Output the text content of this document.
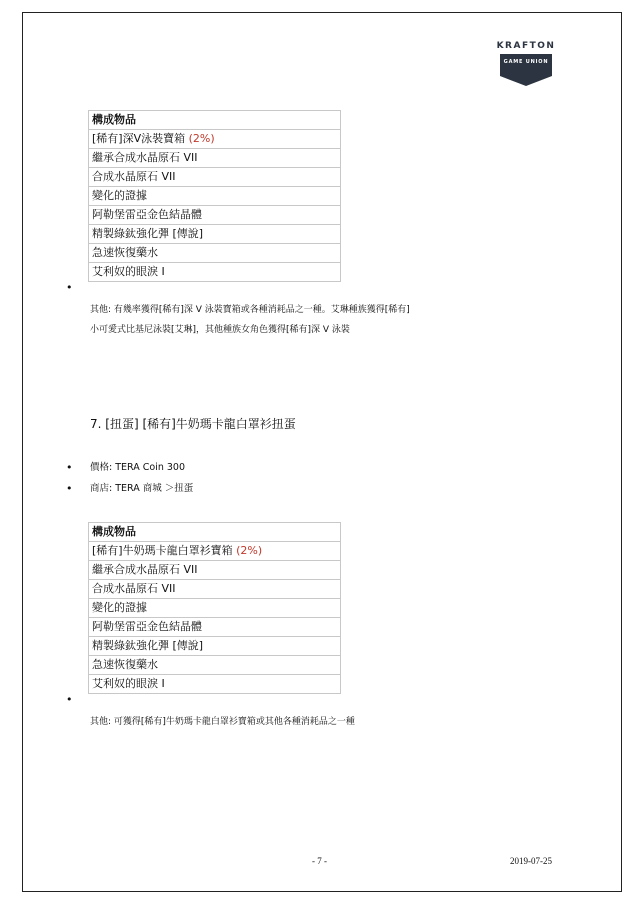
KRAFTON
GAME UNION
構成物品
[稀有]深V泳裝寶箱 (2%)
繼承合成水晶原石 VII
合成水晶原石 VII
變化的證據
阿勒堡雷亞金色結晶體
精製綠鈦強化彈 [傳說]
急速恢復藥水
艾利奴的眼淚 I
•
其他: 有幾率獲得[稀有]深 V 泳裝寶箱或各種消耗品之一種。艾琳種族獲得[稀有]
小可愛式比基尼泳裝[艾琳]，其他種族女角色獲得[稀有]深 V 泳裝
7. [扭蛋] [稀有]牛奶瑪卡龍白罩衫扭蛋
• 價格: TERA Coin 300
• 商店: TERA 商城 ＞扭蛋
構成物品
[稀有]牛奶瑪卡龍白罩衫寶箱 (2%)
繼承合成水晶原石 VII
合成水晶原石 VII
變化的證據
阿勒堡雷亞金色結晶體
精製綠鈦強化彈 [傳說]
急速恢復藥水
艾利奴的眼淚 I
•
其他: 可獲得[稀有]牛奶瑪卡龍白罩衫寶箱或其他各種消耗品之一種
- 7 -	2019-07-25
